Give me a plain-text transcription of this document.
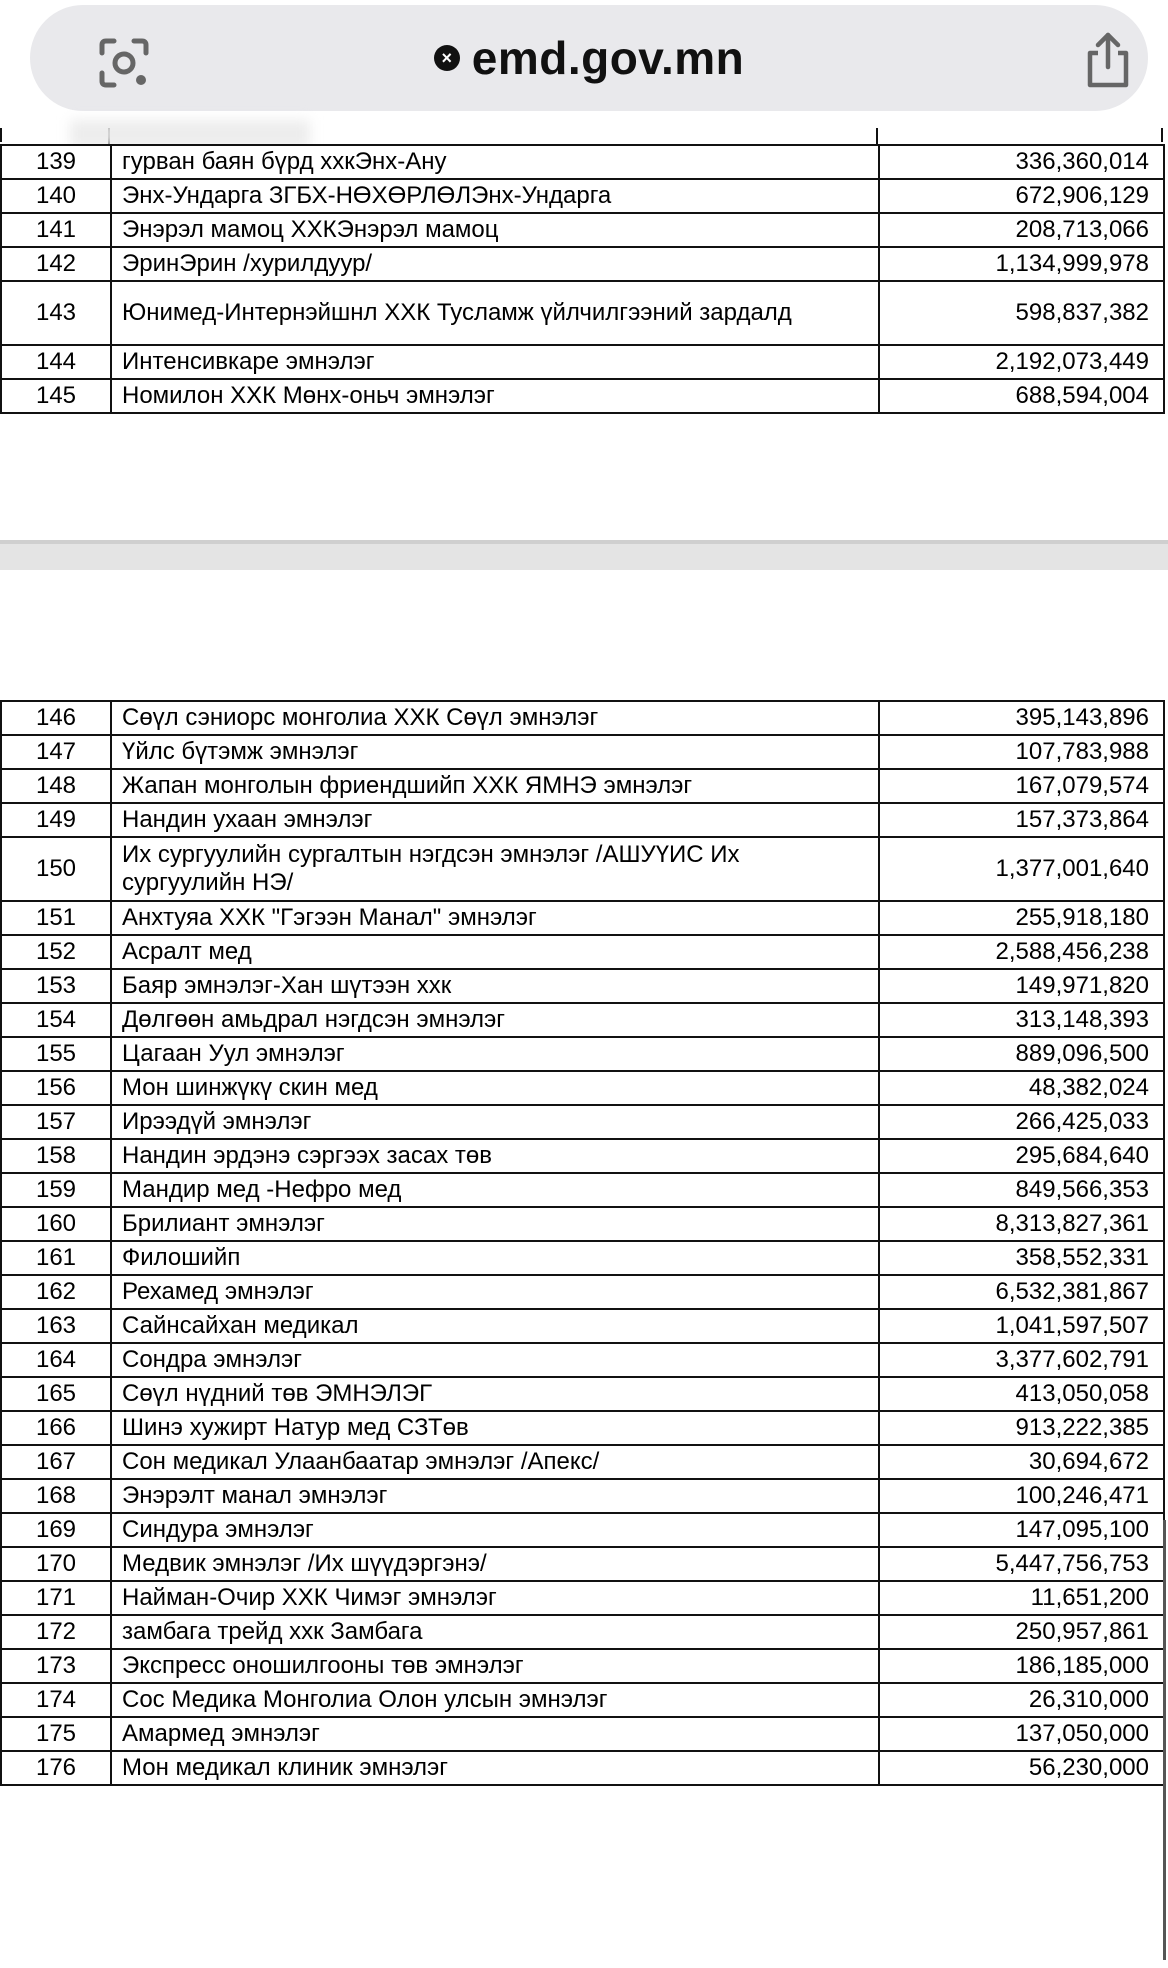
× emd.gov.mn
139	гурван баян бүрд ххкЭнх-Ану	336,360,014
140	Энх-Ундарга ЗГБХ-НӨХӨРЛӨЛЭнх-Ундарга	672,906,129
141	Энэрэл мамоц ХХКЭнэрэл мамоц	208,713,066
142	ЭринЭрин /хурилдуур/	1,134,999,978
143	Юнимед-Интернэйшнл ХХК Тусламж үйлчилгээний зардалд	598,837,382
144	Интенсивкаре эмнэлэг	2,192,073,449
145	Номилон ХХК Мөнх-оньч эмнэлэг	688,594,004
146	Сөүл сэниорс монголиа ХХК Сөүл эмнэлэг	395,143,896
147	Үйлс бүтэмж эмнэлэг	107,783,988
148	Жапан монголын фриендшийп ХХК ЯМНЭ эмнэлэг	167,079,574
149	Нандин ухаан эмнэлэг	157,373,864
150	Их сургуулийн сургалтын нэгдсэн эмнэлэг /АШУҮИС Их сургуулийн НЭ/	1,377,001,640
151	Анхтуяа ХХК "Гэгээн Манал" эмнэлэг	255,918,180
152	Асралт мед	2,588,456,238
153	Баяр эмнэлэг-Хан шүтээн ххк	149,971,820
154	Дөлгөөн амьдрал нэгдсэн эмнэлэг	313,148,393
155	Цагаан Уул эмнэлэг	889,096,500
156	Мон шинжүкү скин мед	48,382,024
157	Ирээдүй эмнэлэг	266,425,033
158	Нандин эрдэнэ сэргээх засах төв	295,684,640
159	Мандир мед -Нефро мед	849,566,353
160	Брилиант эмнэлэг	8,313,827,361
161	Филошийп	358,552,331
162	Рехамед эмнэлэг	6,532,381,867
163	Сайнсайхан медикал	1,041,597,507
164	Сондра эмнэлэг	3,377,602,791
165	Сөүл нүдний төв ЭМНЭЛЭГ	413,050,058
166	Шинэ хужирт Натур мед СЗТөв	913,222,385
167	Сон медикал Улаанбаатар эмнэлэг /Апекс/	30,694,672
168	Энэрэлт манал эмнэлэг	100,246,471
169	Синдура эмнэлэг	147,095,100
170	Медвик эмнэлэг /Их шүүдэргэнэ/	5,447,756,753
171	Найман-Очир ХХК Чимэг эмнэлэг	11,651,200
172	замбага трейд ххк Замбага	250,957,861
173	Экспресс оношилгооны төв эмнэлэг	186,185,000
174	Сос Медика Монголиа Олон улсын эмнэлэг	26,310,000
175	Амармед эмнэлэг	137,050,000
176	Мон медикал клиник эмнэлэг	56,230,000
